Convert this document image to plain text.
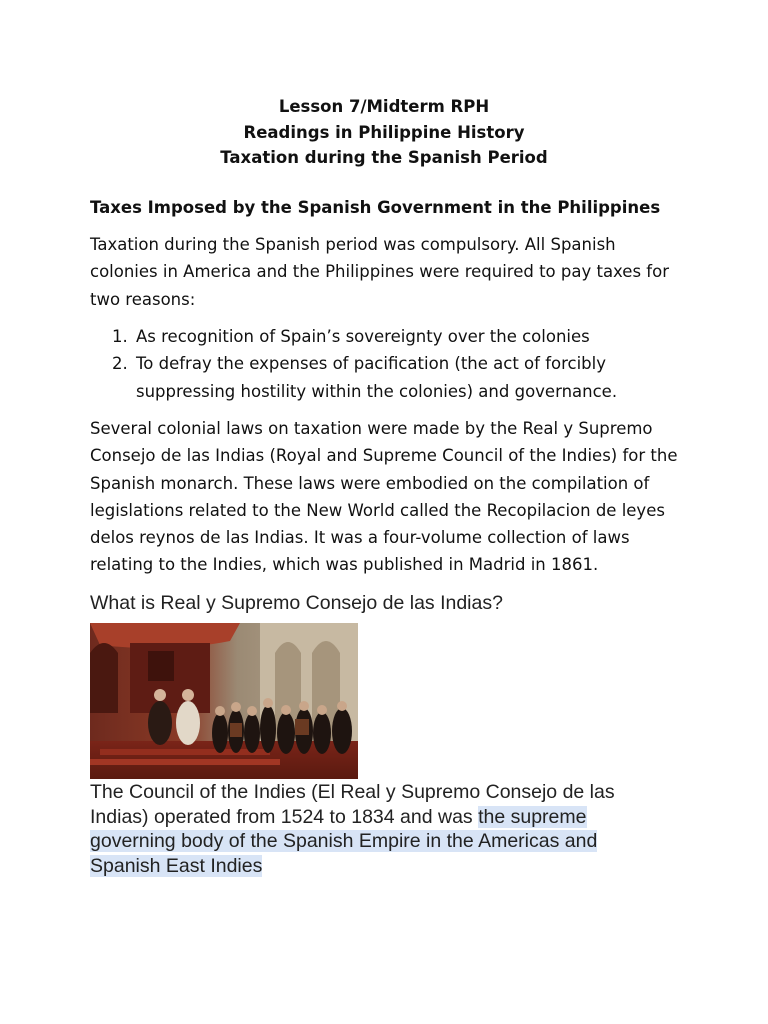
Lesson 7/Midterm RPH
Readings in Philippine History
Taxation during the Spanish Period
Taxes Imposed by the Spanish Government in the Philippines
Taxation during the Spanish period was compulsory. All Spanish colonies in America and the Philippines were required to pay taxes for two reasons:
1. As recognition of Spain’s sovereignty over the colonies
2. To defray the expenses of pacification (the act of forcibly suppressing hostility within the colonies) and governance.
Several colonial laws on taxation were made by the Real y Supremo Consejo de las Indias (Royal and Supreme Council of the Indies) for the Spanish monarch. These laws were embodied on the compilation of legislations related to the New World called the Recopilacion de leyes delos reynos de las Indias. It was a four-volume collection of laws relating to the Indies, which was published in Madrid in 1861.
What is Real y Supremo Consejo de las Indias?
The Council of the Indies (El Real y Supremo Consejo de las Indias) operated from 1524 to 1834 and was the supreme governing body of the Spanish Empire in the Americas and Spanish East Indies
